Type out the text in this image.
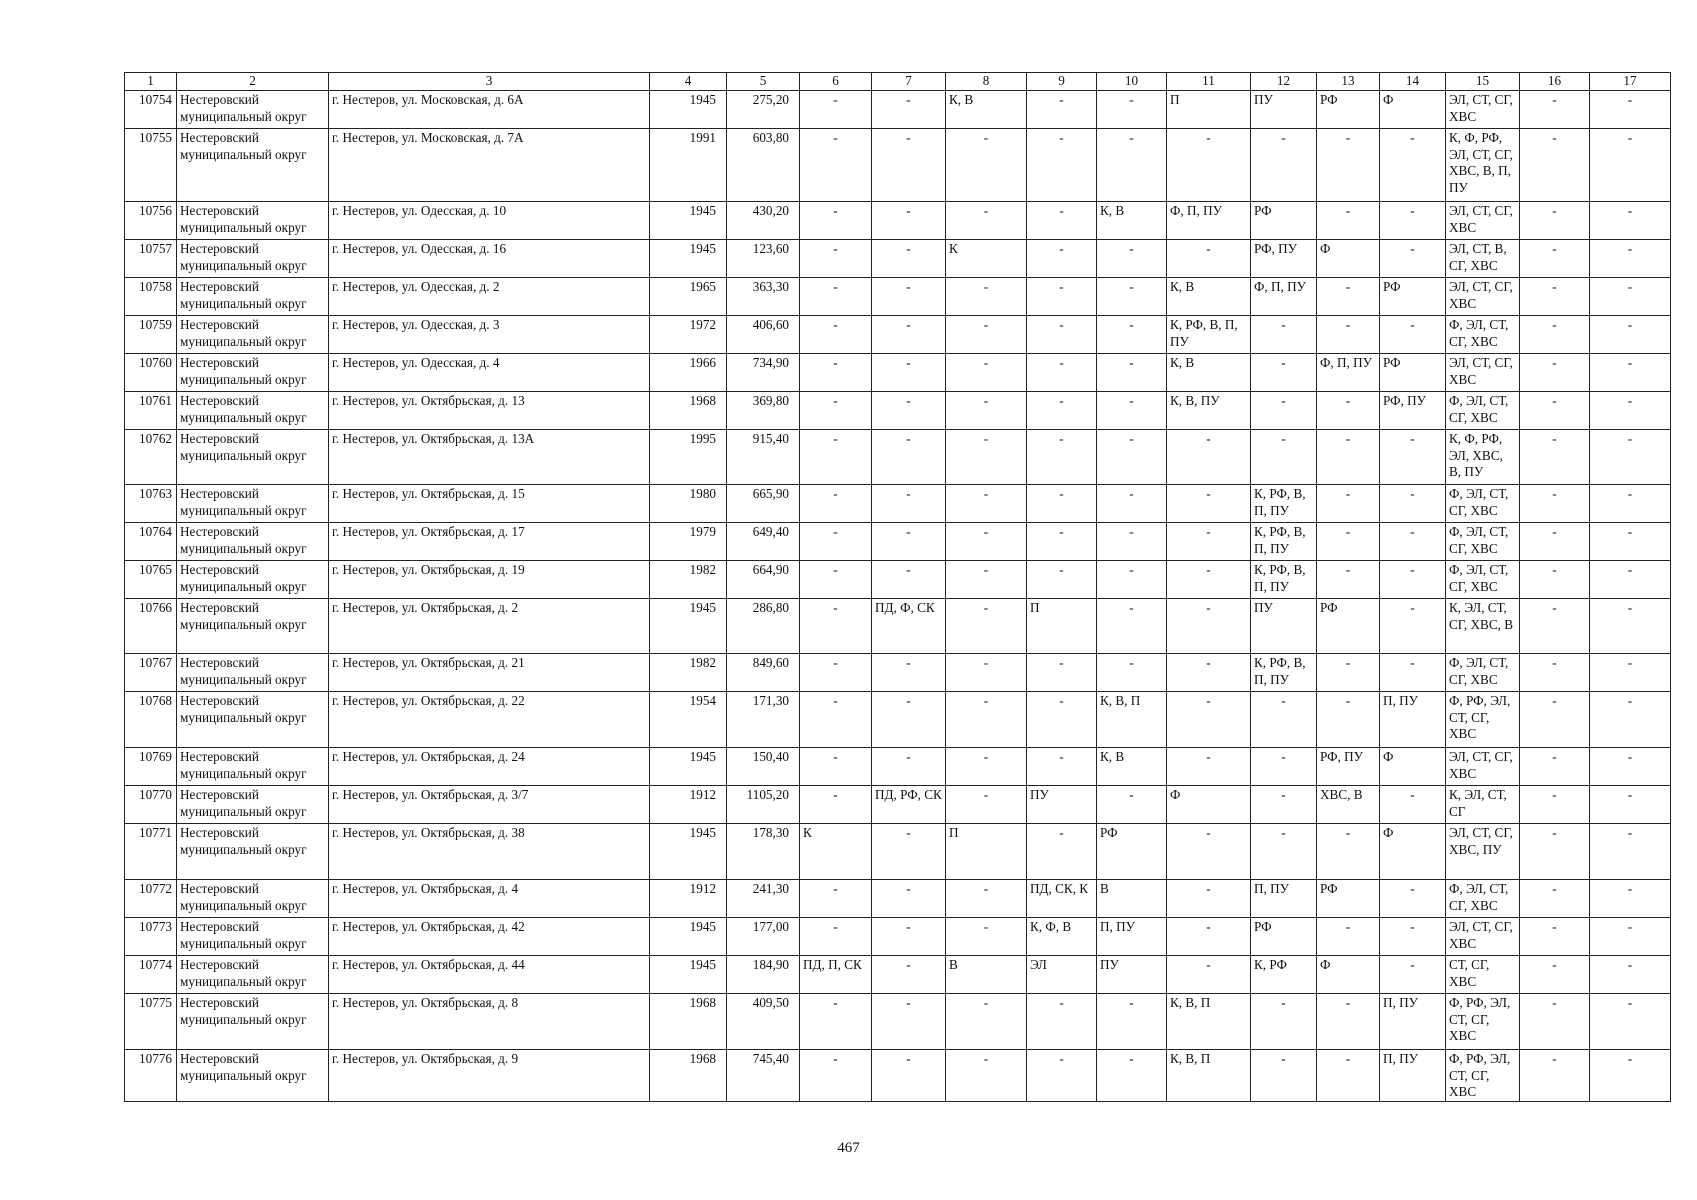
1	2	3	4	5	6	7	8	9	10	11	12	13	14	15	16	17
10754	Нестеровский муниципальный округ	г. Нестеров, ул. Московская, д. 6А	1945	275,20	-	-	К, В	-	-	П	ПУ	РФ	Ф	ЭЛ, СТ, СГ, ХВС	-	-
10755	Нестеровский муниципальный округ	г. Нестеров, ул. Московская, д. 7А	1991	603,80	-	-	-	-	-	-	-	-	-	К, Ф, РФ, ЭЛ, СТ, СГ, ХВС, В, П, ПУ	-	-
10756	Нестеровский муниципальный округ	г. Нестеров, ул. Одесская, д. 10	1945	430,20	-	-	-	-	К, В	Ф, П, ПУ	РФ	-	-	ЭЛ, СТ, СГ, ХВС	-	-
10757	Нестеровский муниципальный округ	г. Нестеров, ул. Одесская, д. 16	1945	123,60	-	-	К	-	-	-	РФ, ПУ	Ф	-	ЭЛ, СТ, В, СГ, ХВС	-	-
10758	Нестеровский муниципальный округ	г. Нестеров, ул. Одесская, д. 2	1965	363,30	-	-	-	-	-	К, В	Ф, П, ПУ	-	РФ	ЭЛ, СТ, СГ, ХВС	-	-
10759	Нестеровский муниципальный округ	г. Нестеров, ул. Одесская, д. 3	1972	406,60	-	-	-	-	-	К, РФ, В, П, ПУ	-	-	-	Ф, ЭЛ, СТ, СГ, ХВС	-	-
10760	Нестеровский муниципальный округ	г. Нестеров, ул. Одесская, д. 4	1966	734,90	-	-	-	-	-	К, В	-	Ф, П, ПУ	РФ	ЭЛ, СТ, СГ, ХВС	-	-
10761	Нестеровский муниципальный округ	г. Нестеров, ул. Октябрьская, д. 13	1968	369,80	-	-	-	-	-	К, В, ПУ	-	-	РФ, ПУ	Ф, ЭЛ, СТ, СГ, ХВС	-	-
10762	Нестеровский муниципальный округ	г. Нестеров, ул. Октябрьская, д. 13А	1995	915,40	-	-	-	-	-	-	-	-	-	К, Ф, РФ, ЭЛ, ХВС, В, ПУ	-	-
10763	Нестеровский муниципальный округ	г. Нестеров, ул. Октябрьская, д. 15	1980	665,90	-	-	-	-	-	-	К, РФ, В, П, ПУ	-	-	Ф, ЭЛ, СТ, СГ, ХВС	-	-
10764	Нестеровский муниципальный округ	г. Нестеров, ул. Октябрьская, д. 17	1979	649,40	-	-	-	-	-	-	К, РФ, В, П, ПУ	-	-	Ф, ЭЛ, СТ, СГ, ХВС	-	-
10765	Нестеровский муниципальный округ	г. Нестеров, ул. Октябрьская, д. 19	1982	664,90	-	-	-	-	-	-	К, РФ, В, П, ПУ	-	-	Ф, ЭЛ, СТ, СГ, ХВС	-	-
10766	Нестеровский муниципальный округ	г. Нестеров, ул. Октябрьская, д. 2	1945	286,80	-	ПД, Ф, СК	-	П	-	-	ПУ	РФ	-	К, ЭЛ, СТ, СГ, ХВС, В	-	-
10767	Нестеровский муниципальный округ	г. Нестеров, ул. Октябрьская, д. 21	1982	849,60	-	-	-	-	-	-	К, РФ, В, П, ПУ	-	-	Ф, ЭЛ, СТ, СГ, ХВС	-	-
10768	Нестеровский муниципальный округ	г. Нестеров, ул. Октябрьская, д. 22	1954	171,30	-	-	-	-	К, В, П	-	-	-	П, ПУ	Ф, РФ, ЭЛ, СТ, СГ, ХВС	-	-
10769	Нестеровский муниципальный округ	г. Нестеров, ул. Октябрьская, д. 24	1945	150,40	-	-	-	-	К, В	-	-	РФ, ПУ	Ф	ЭЛ, СТ, СГ, ХВС	-	-
10770	Нестеровский муниципальный округ	г. Нестеров, ул. Октябрьская, д. 3/7	1912	1105,20	-	ПД, РФ, СК	-	ПУ	-	Ф	-	ХВС, В	-	К, ЭЛ, СТ, СГ	-	-
10771	Нестеровский муниципальный округ	г. Нестеров, ул. Октябрьская, д. 38	1945	178,30	К	-	П	-	РФ	-	-	-	Ф	ЭЛ, СТ, СГ, ХВС, ПУ	-	-
10772	Нестеровский муниципальный округ	г. Нестеров, ул. Октябрьская, д. 4	1912	241,30	-	-	-	ПД, СК, К	В	-	П, ПУ	РФ	-	Ф, ЭЛ, СТ, СГ, ХВС	-	-
10773	Нестеровский муниципальный округ	г. Нестеров, ул. Октябрьская, д. 42	1945	177,00	-	-	-	К, Ф, В	П, ПУ	-	РФ	-	-	ЭЛ, СТ, СГ, ХВС	-	-
10774	Нестеровский муниципальный округ	г. Нестеров, ул. Октябрьская, д. 44	1945	184,90	ПД, П, СК	-	В	ЭЛ	ПУ	-	К, РФ	Ф	-	СТ, СГ, ХВС	-	-
10775	Нестеровский муниципальный округ	г. Нестеров, ул. Октябрьская, д. 8	1968	409,50	-	-	-	-	-	К, В, П	-	-	П, ПУ	Ф, РФ, ЭЛ, СТ, СГ, ХВС	-	-
10776	Нестеровский муниципальный округ	г. Нестеров, ул. Октябрьская, д. 9	1968	745,40	-	-	-	-	-	К, В, П	-	-	П, ПУ	Ф, РФ, ЭЛ, СТ, СГ, ХВС	-	-
467
